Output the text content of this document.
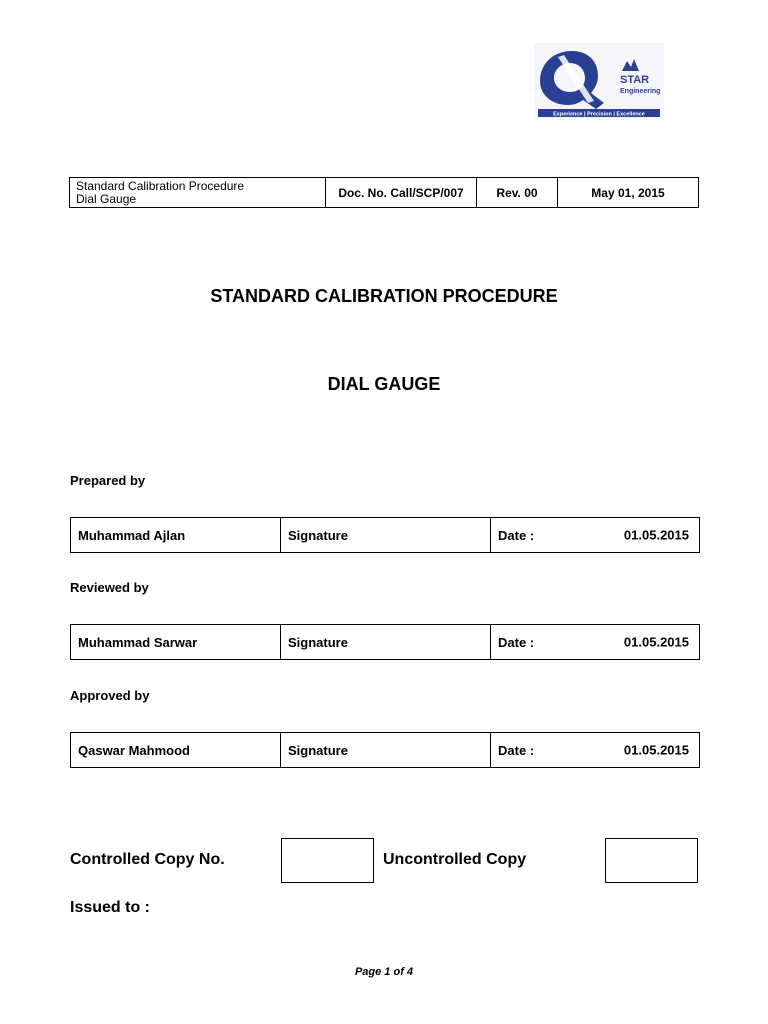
STAR
Engineering
Experience | Precision | Excellence
Standard Calibration Procedure
Dial Gauge	Doc. No. Call/SCP/007	Rev. 00	May 01, 2015
STANDARD CALIBRATION PROCEDURE
DIAL GAUGE
Prepared by
Muhammad Ajlan	Signature	Date :	01.05.2015
Reviewed by
Muhammad Sarwar	Signature	Date :	01.05.2015
Approved by
Qaswar Mahmood	Signature	Date :	01.05.2015
Controlled Copy No.	Uncontrolled Copy
Issued to :
Page 1 of 4
